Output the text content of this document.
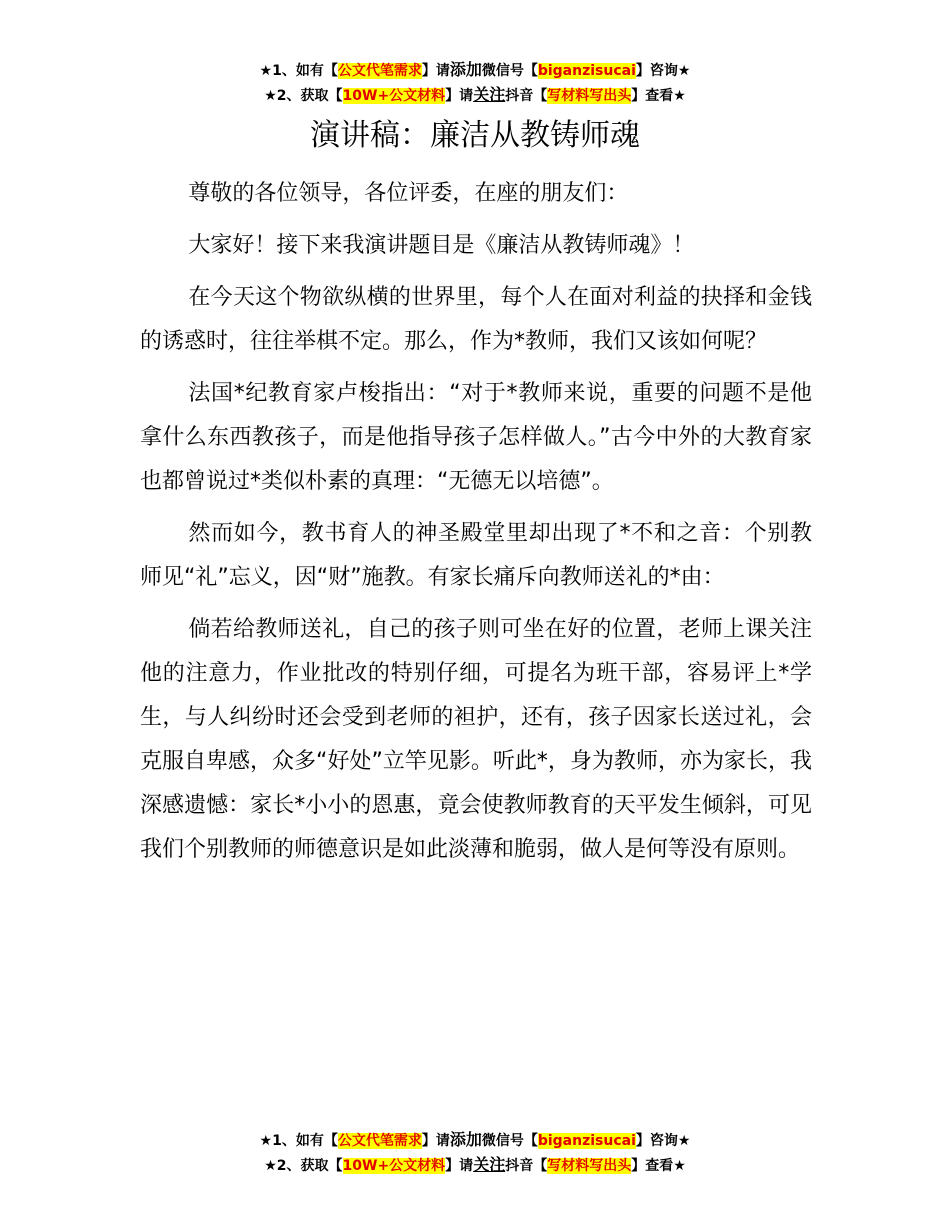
★1、如有【公文代笔需求】请添加微信号【biganzisucai】咨询★
★2、获取【10W+公文材料】请关注抖音【写材料写出头】查看★
演讲稿：廉洁从教铸师魂

尊敬的各位领导，各位评委，在座的朋友们：

大家好！接下来我演讲题目是《廉洁从教铸师魂》！

在今天这个物欲纵横的世界里，每个人在面对利益的抉择和金钱的诱惑时，往往举棋不定。那么，作为*教师，我们又该如何呢？

法国*纪教育家卢梭指出：“对于*教师来说，重要的问题不是他拿什么东西教孩子，而是他指导孩子怎样做人。”古今中外的大教育家也都曾说过*类似朴素的真理：“无德无以培德”。

然而如今，教书育人的神圣殿堂里却出现了*不和之音：个别教师见“礼”忘义，因“财”施教。有家长痛斥向教师送礼的*由：

倘若给教师送礼，自己的孩子则可坐在好的位置，老师上课关注他的注意力，作业批改的特别仔细，可提名为班干部，容易评上*学生，与人纠纷时还会受到老师的袒护，还有，孩子因家长送过礼，会克服自卑感，众多“好处”立竿见影。听此*，身为教师，亦为家长，我深感遗憾：家长*小小的恩惠，竟会使教师教育的天平发生倾斜，可见我们个别教师的师德意识是如此淡薄和脆弱，做人是何等没有原则。

★1、如有【公文代笔需求】请添加微信号【biganzisucai】咨询★
★2、获取【10W+公文材料】请关注抖音【写材料写出头】查看★
